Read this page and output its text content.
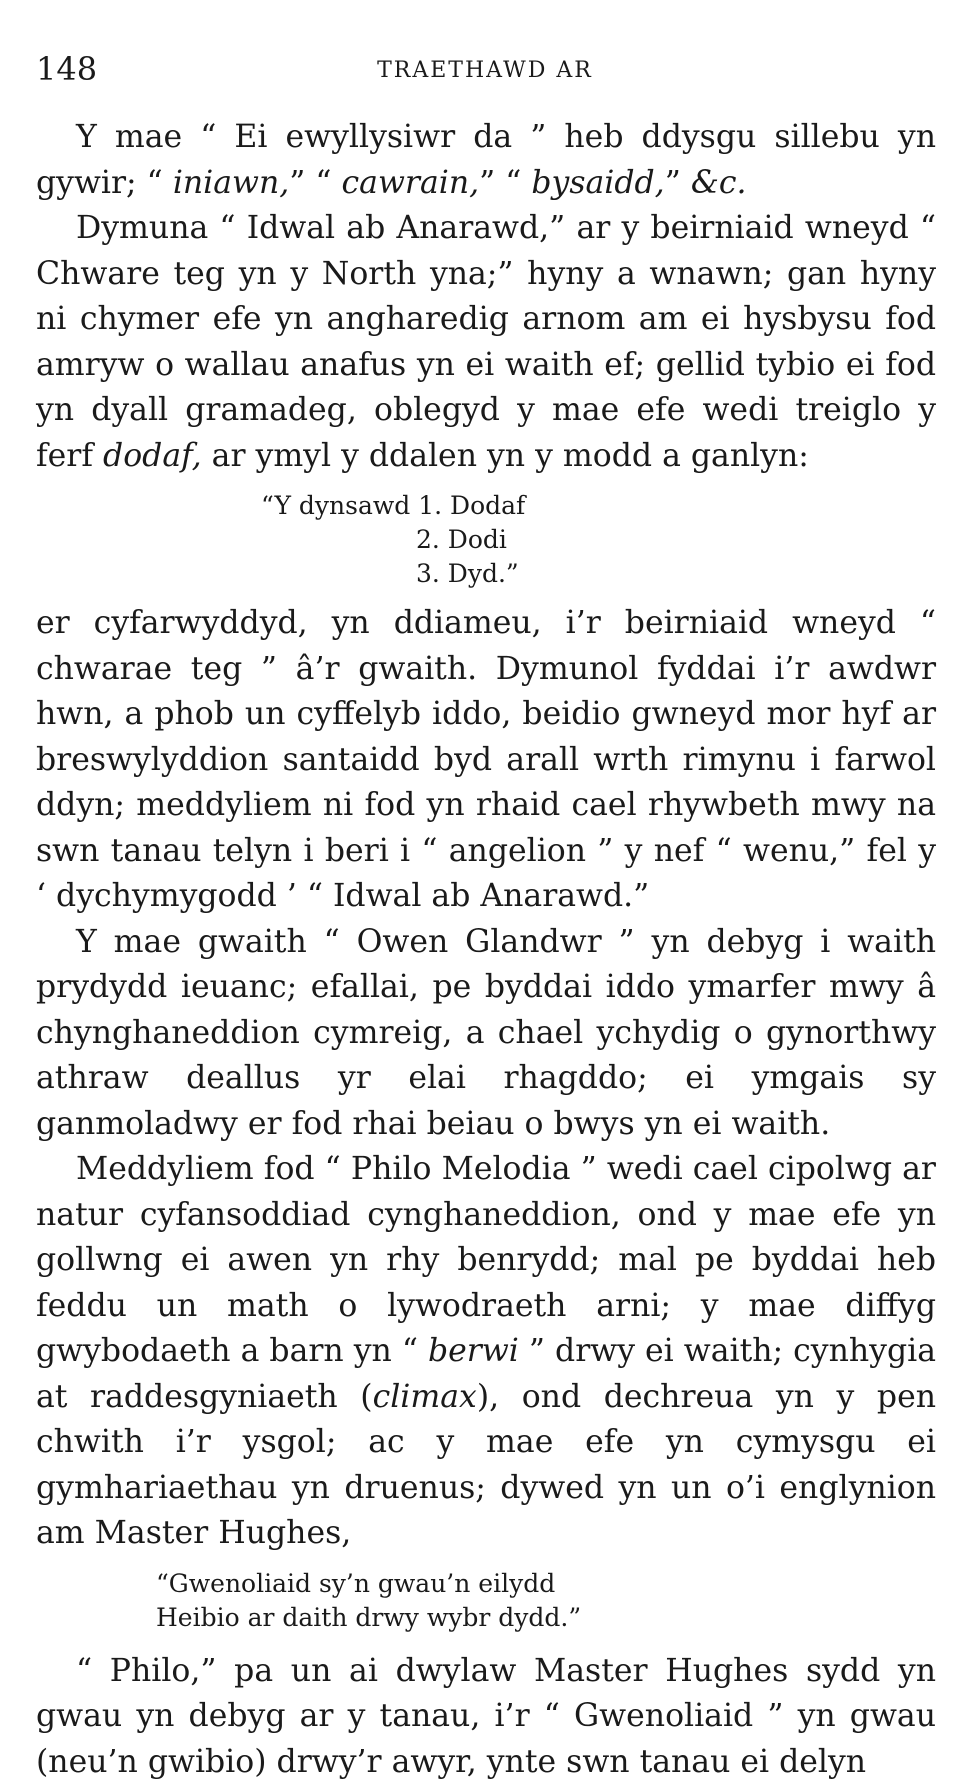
148	TRAETHAWD AR

Y mae “ Ei ewyllysiwr da ” heb ddysgu sillebu yn gywir; “ iniawn,” “ cawrain,” “ bysaidd,” &c.

Dymuna “ Idwal ab Anarawd,” ar y beirniaid wneyd “ Chware teg yn y North yna;” hyny a wnawn; gan hyny ni chymer efe yn angharedig arnom am ei hysbysu fod amryw o wallau anafus yn ei waith ef; gellid tybio ei fod yn dyall gramadeg, oblegyd y mae efe wedi treiglo y ferf dodaf, ar ymyl y ddalen yn y modd a ganlyn:

“Y dynsawd 1. Dodaf
2. Dodi
3. Dyd.”

er cyfarwyddyd, yn ddiameu, i’r beirniaid wneyd “ chwarae teg ” â’r gwaith. Dymunol fyddai i’r awdwr hwn, a phob un cyffelyb iddo, beidio gwneyd mor hyf ar breswylyddion santaidd byd arall wrth rimynu i farwol ddyn; meddyliem ni fod yn rhaid cael rhywbeth mwy na swn tanau telyn i beri i “ angelion ” y nef “ wenu,” fel y ‘ dychymygodd ’ “ Idwal ab Anarawd.”

Y mae gwaith “ Owen Glandwr ” yn debyg i waith prydydd ieuanc; efallai, pe byddai iddo ymarfer mwy â chynghaneddion cymreig, a chael ychydig o gynorthwy athraw deallus yr elai rhagddo; ei ymgais sy ganmoladwy er fod rhai beiau o bwys yn ei waith.

Meddyliem fod “ Philo Melodia ” wedi cael cipolwg ar natur cyfansoddiad cynghaneddion, ond y mae efe yn gollwng ei awen yn rhy benrydd; mal pe byddai heb feddu un math o lywodraeth arni; y mae diffyg gwybodaeth a barn yn “ berwi ” drwy ei waith; cynhygia at raddesgyniaeth (climax), ond dechreua yn y pen chwith i’r ysgol; ac y mae efe yn cymysgu ei gymhariaethau yn druenus; dywed yn un o’i englynion am Master Hughes,

“Gwenoliaid sy’n gwau’n eilydd
Heibio ar daith drwy wybr dydd.”

“ Philo,” pa un ai dwylaw Master Hughes sydd yn gwau yn debyg ar y tanau, i’r “ Gwenoliaid ” yn gwau (neu’n gwibio) drwy’r awyr, ynte swn tanau ei delyn
